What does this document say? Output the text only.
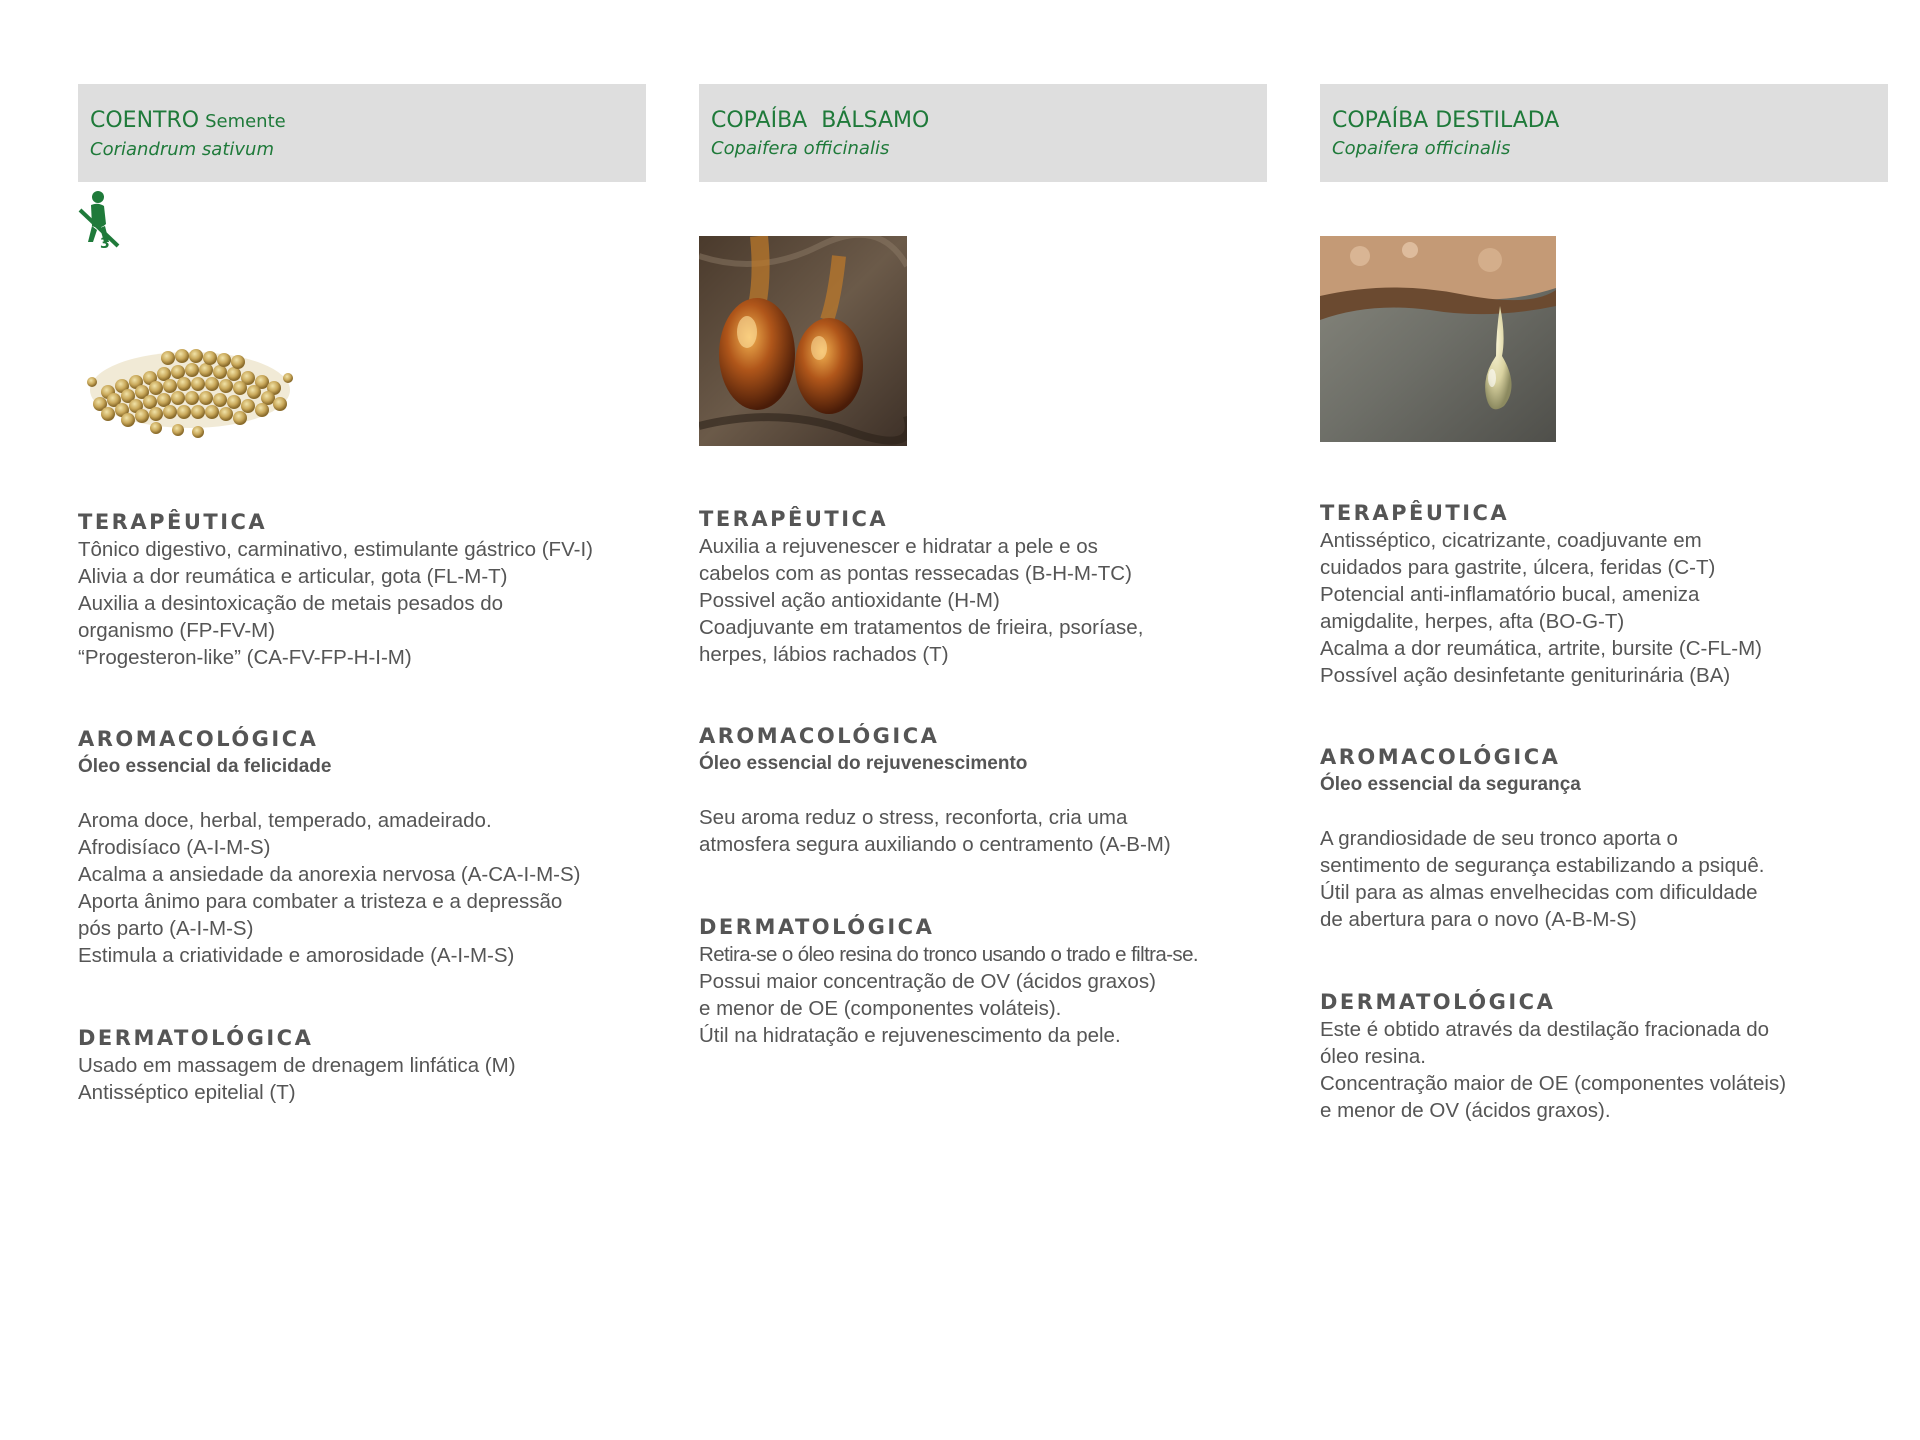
COENTRO Semente
Coriandrum sativum
3
TERAPÊUTICA
Tônico digestivo, carminativo, estimulante gástrico (FV-I)
Alivia a dor reumática e articular, gota (FL-M-T)
Auxilia a desintoxicação de metais pesados do
organismo (FP-FV-M)
“Progesteron-like” (CA-FV-FP-H-I-M)
AROMACOLÓGICA

Óleo essencial da felicidade

Aroma doce, herbal, temperado, amadeirado.
Afrodisíaco (A-I-M-S)
Acalma a ansiedade da anorexia nervosa (A-CA-I-M-S)
Aporta ânimo para combater a tristeza e a depressão
pós parto (A-I-M-S)
Estimula a criatividade e amorosidade (A-I-M-S)
DERMATOLÓGICA
Usado em massagem de drenagem linfática (M)
Antisséptico epitelial (T)
COPAÍBA  BÁLSAMO
Copaifera officinalis
TERAPÊUTICA
Auxilia a rejuvenescer e hidratar a pele e os
cabelos com as pontas ressecadas (B-H-M-TC)
Possivel ação antioxidante (H-M)
Coadjuvante em tratamentos de frieira, psoríase,
herpes, lábios rachados (T)
AROMACOLÓGICA

Óleo essencial do rejuvenescimento

Seu aroma reduz o stress, reconforta, cria uma
atmosfera segura auxiliando o centramento (A-B-M)
DERMATOLÓGICA
Retira-se o óleo resina do tronco usando o trado e filtra-se.
Possui maior concentração de OV (ácidos graxos)
e menor de OE (componentes voláteis).
Útil na hidratação e rejuvenescimento da pele.
COPAÍBA DESTILADA
Copaifera officinalis
TERAPÊUTICA
Antisséptico, cicatrizante, coadjuvante em
cuidados para gastrite, úlcera, feridas (C-T)
Potencial anti-inflamatório bucal, ameniza
amigdalite, herpes, afta (BO-G-T)
Acalma a dor reumática, artrite, bursite (C-FL-M)
Possível ação desinfetante geniturinária (BA)
AROMACOLÓGICA

Óleo essencial da segurança

A grandiosidade de seu tronco aporta o
sentimento de segurança estabilizando a psiquê.
Útil para as almas envelhecidas com dificuldade
de abertura para o novo (A-B-M-S)
DERMATOLÓGICA
Este é obtido através da destilação fracionada do
óleo resina.
Concentração maior de OE (componentes voláteis)
e menor de OV (ácidos graxos).
